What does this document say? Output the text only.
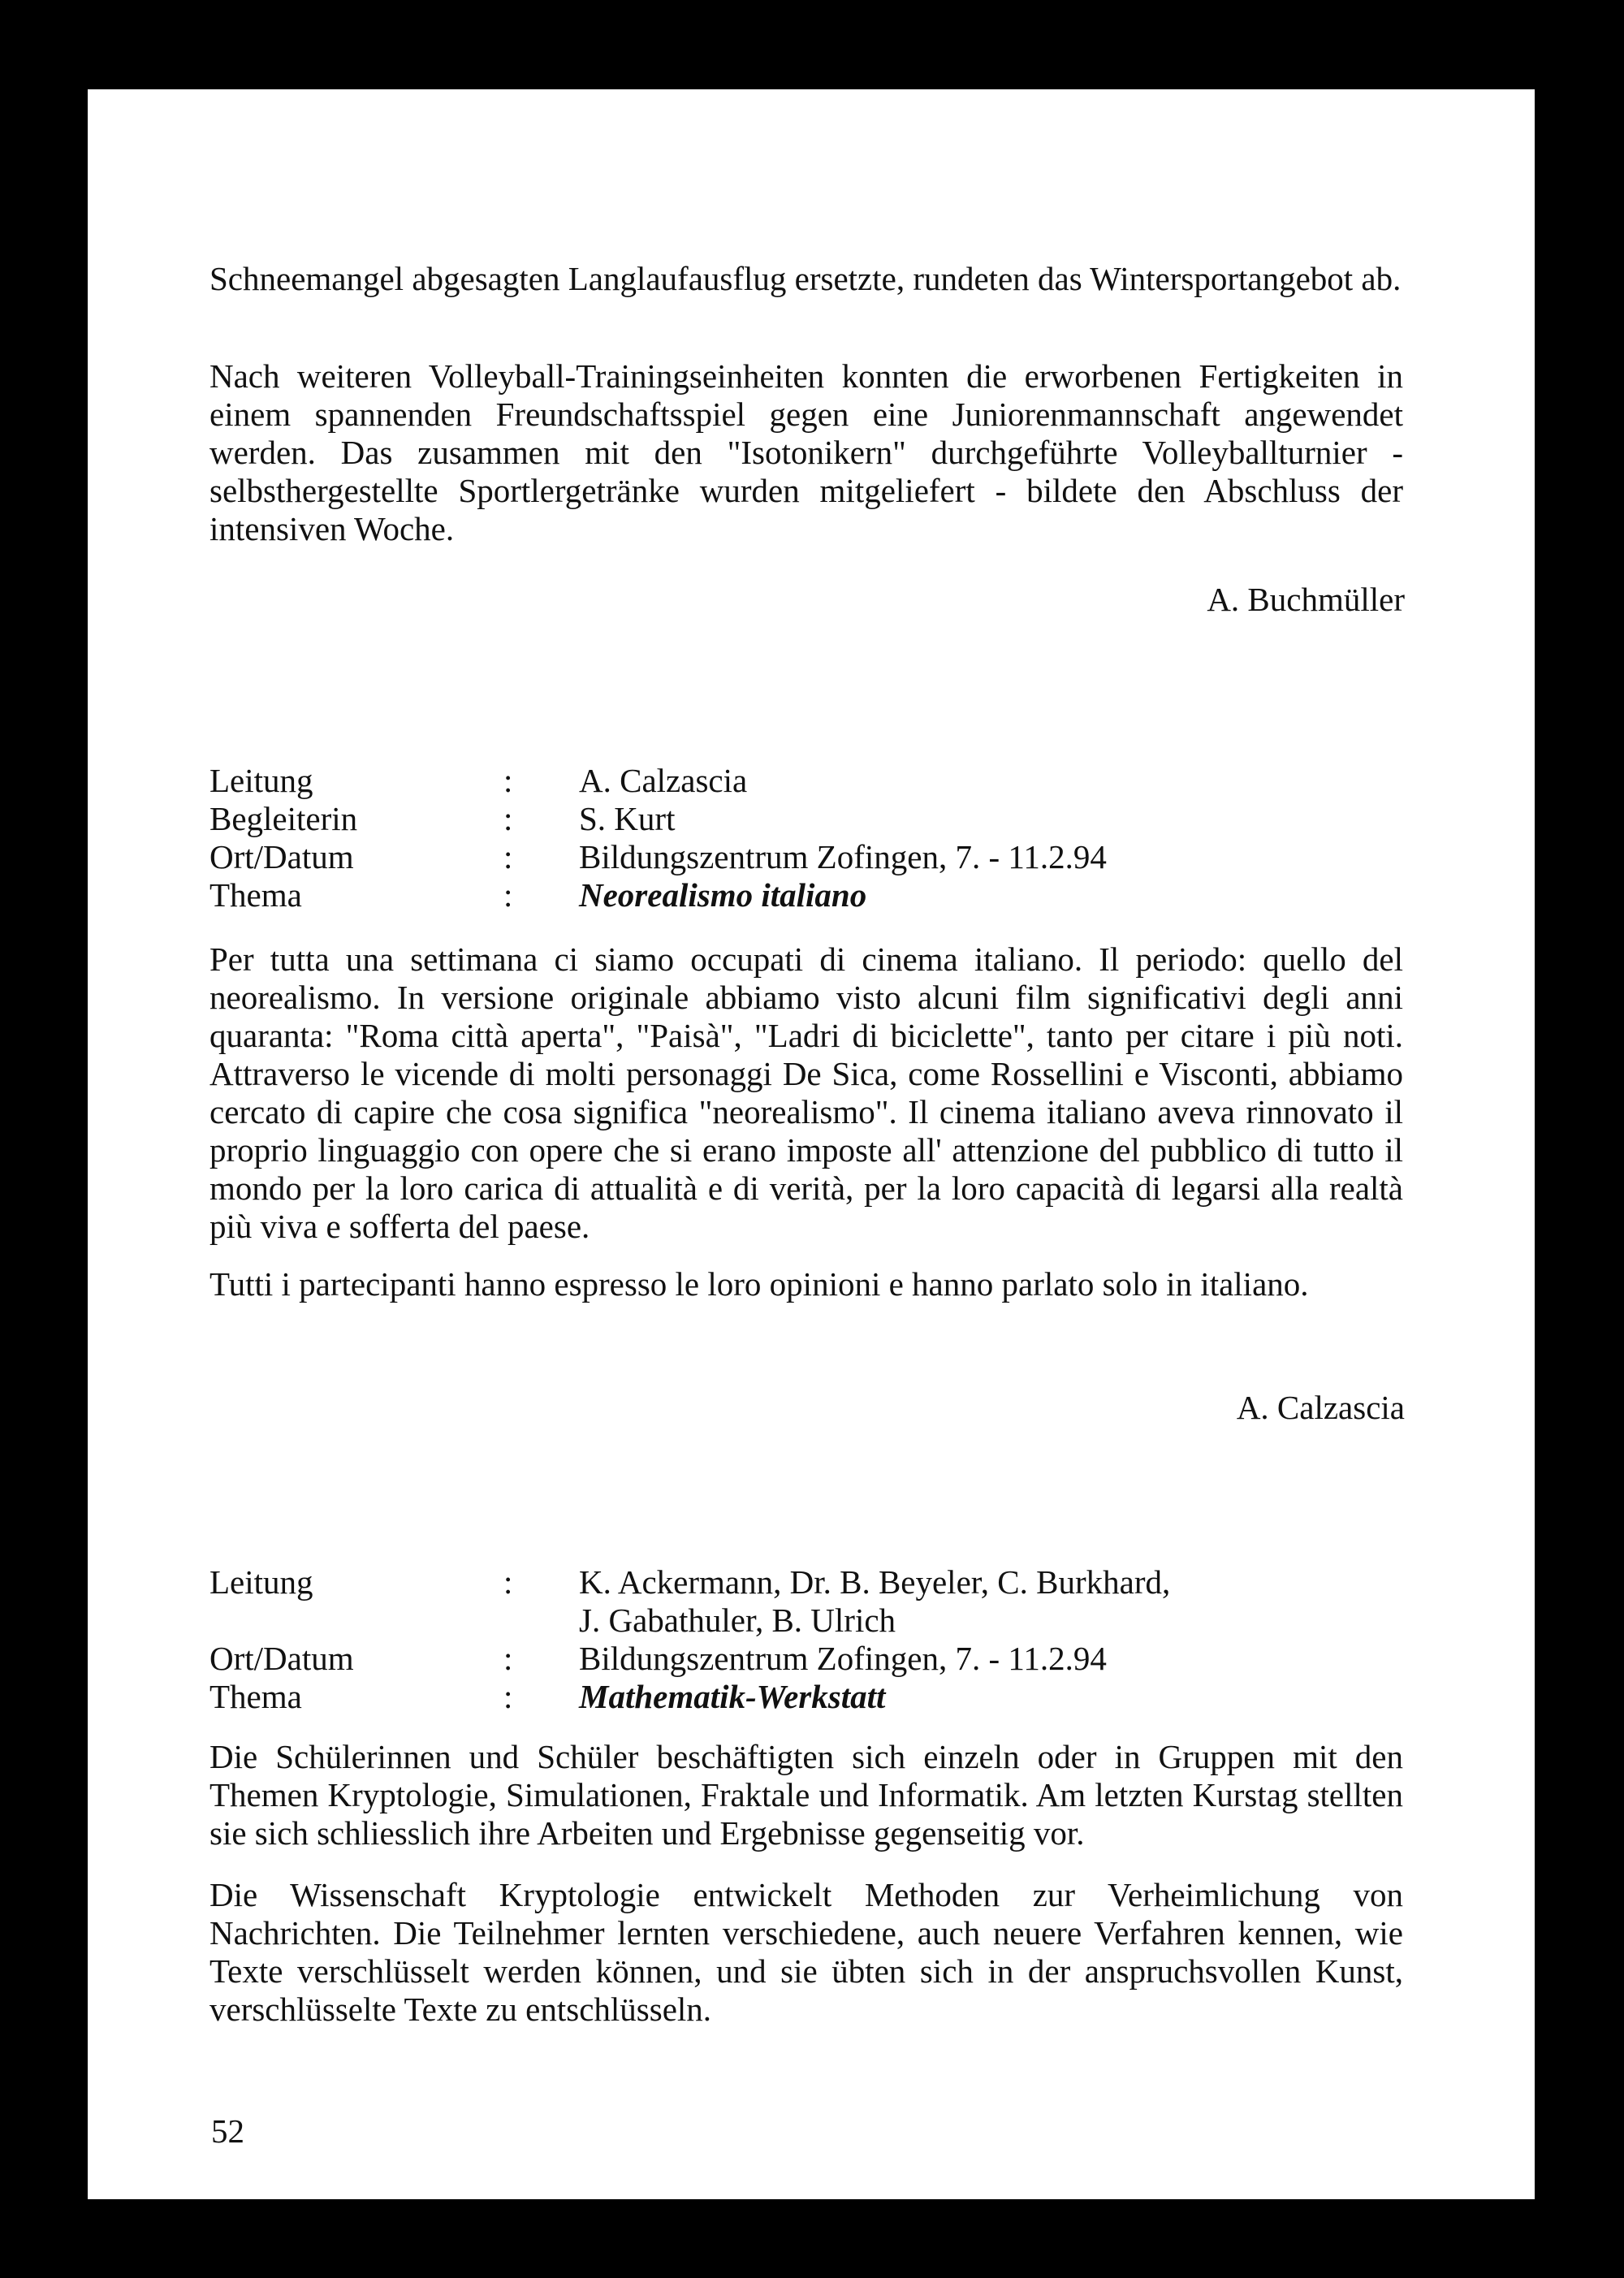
Schneemangel abgesagten Langlaufausflug ersetzte, rundeten das Wintersportangebot ab.

Nach weiteren Volleyball-Trainingseinheiten konnten die erworbenen Fertigkeiten in einem spannenden Freundschaftsspiel gegen eine Juniorenmannschaft angewendet werden. Das zusammen mit den "Isotonikern" durchgeführte Volleyballturnier - selbsthergestellte Sportlergetränke wurden mitgeliefert - bildete den Abschluss der intensiven Woche.

A. Buchmüller

Leitung	: A. Calzascia
Begleiterin	: S. Kurt
Ort/Datum	: Bildungszentrum Zofingen, 7. - 11.2.94
Thema	: Neorealismo italiano

Per tutta una settimana ci siamo occupati di cinema italiano. Il periodo: quello del neorealismo. In versione originale abbiamo visto alcuni film significativi degli anni quaranta: "Roma città aperta", "Paisà", "Ladri di biciclette", tanto per citare i più noti. Attraverso le vicende di molti personaggi De Sica, come Rossellini e Visconti, abbiamo cercato di capire che cosa significa "neorealismo". Il cinema italiano aveva rinnovato il proprio linguaggio con opere che si erano imposte all' attenzione del pubblico di tutto il mondo per la loro carica di attualità e di verità, per la loro capacità di legarsi alla realtà più viva e sofferta del paese.

Tutti i partecipanti hanno espresso le loro opinioni e hanno parlato solo in italiano.

A. Calzascia

Leitung	: K. Ackermann, Dr. B. Beyeler, C. Burkhard,
J. Gabathuler, B. Ulrich
Ort/Datum	: Bildungszentrum Zofingen, 7. - 11.2.94
Thema	: Mathematik-Werkstatt

Die Schülerinnen und Schüler beschäftigten sich einzeln oder in Gruppen mit den Themen Kryptologie, Simulationen, Fraktale und Informatik. Am letzten Kurstag stellten sie sich schliesslich ihre Arbeiten und Ergebnisse gegenseitig vor.

Die Wissenschaft Kryptologie entwickelt Methoden zur Verheimlichung von Nachrichten. Die Teilnehmer lernten verschiedene, auch neuere Verfahren kennen, wie Texte verschlüsselt werden können, und sie übten sich in der anspruchsvollen Kunst, verschlüsselte Texte zu entschlüsseln.

52
